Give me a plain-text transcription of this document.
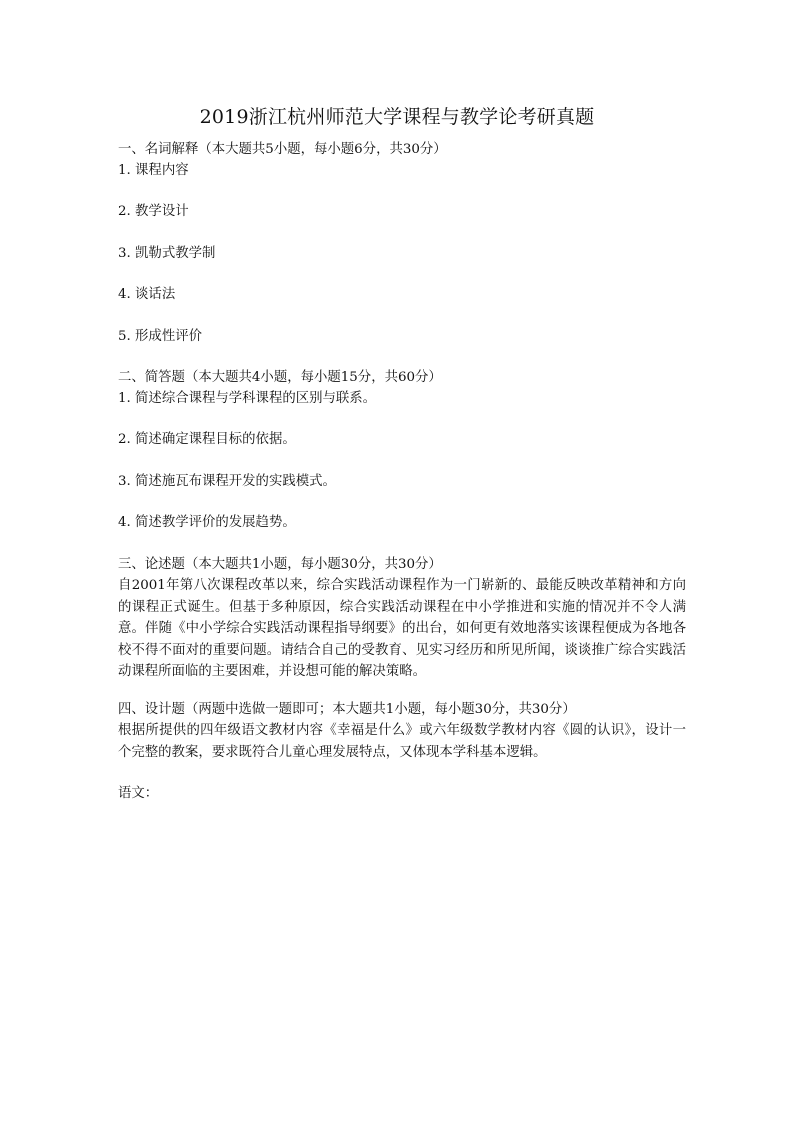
2019浙江杭州师范大学课程与教学论考研真题
一、名词解释（本大题共5小题，每小题6分，共30分）
1. 课程内容
2. 教学设计
3. 凯勒式教学制
4. 谈话法
5. 形成性评价
二、简答题（本大题共4小题，每小题15分，共60分）
1. 简述综合课程与学科课程的区别与联系。
2. 简述确定课程目标的依据。
3. 简述施瓦布课程开发的实践模式。
4. 简述教学评价的发展趋势。
三、论述题（本大题共1小题，每小题30分，共30分）
自2001年第八次课程改革以来，综合实践活动课程作为一门崭新的、最能反映改革精神和方向的课程正式诞生。但基于多种原因，综合实践活动课程在中小学推进和实施的情况并不令人满意。伴随《中小学综合实践活动课程指导纲要》的出台，如何更有效地落实该课程便成为各地各校不得不面对的重要问题。请结合自己的受教育、见实习经历和所见所闻，谈谈推广综合实践活动课程所面临的主要困难，并设想可能的解决策略。
四、设计题（两题中选做一题即可；本大题共1小题，每小题30分，共30分）
根据所提供的四年级语文教材内容《幸福是什么》或六年级数学教材内容《圆的认识》，设计一个完整的教案，要求既符合儿童心理发展特点，又体现本学科基本逻辑。
语文：
